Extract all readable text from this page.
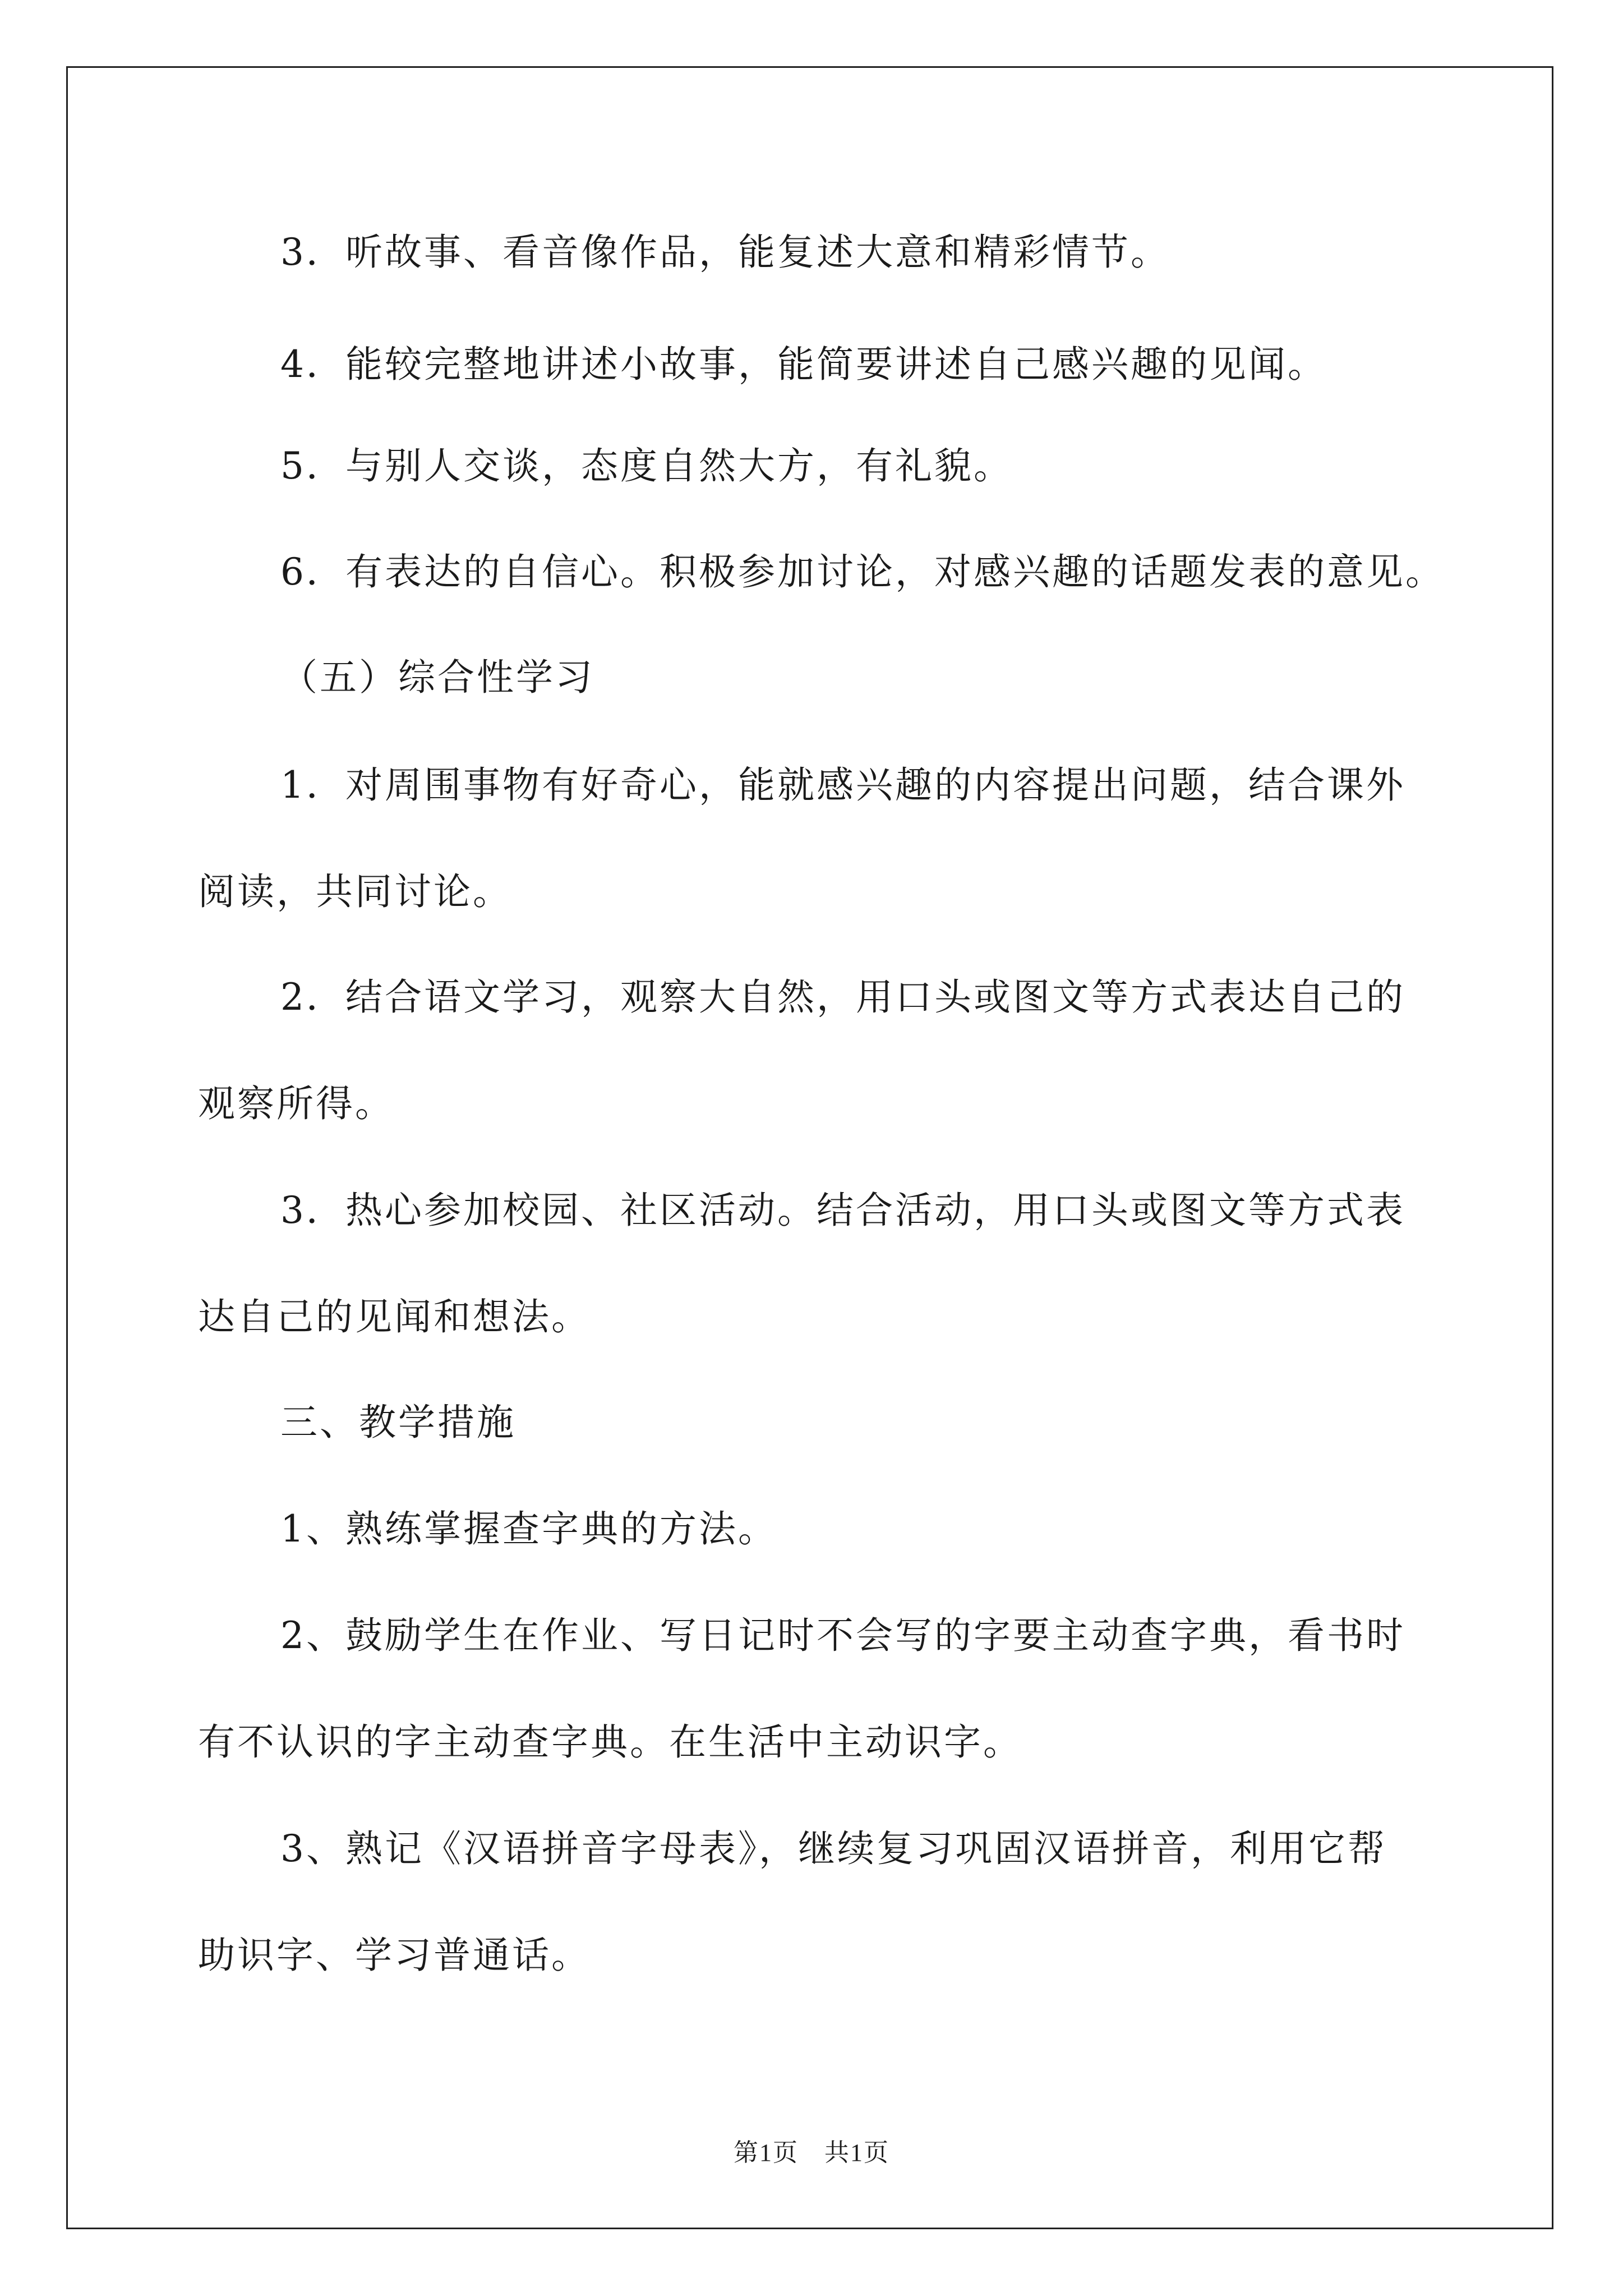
3．听故事、看音像作品，能复述大意和精彩情节。
4．能较完整地讲述小故事，能简要讲述自己感兴趣的见闻。
5．与别人交谈，态度自然大方，有礼貌。
6．有表达的自信心。积极参加讨论，对感兴趣的话题发表的意见。
（五）综合性学习
1．对周围事物有好奇心，能就感兴趣的内容提出问题，结合课外
阅读，共同讨论。
2．结合语文学习，观察大自然，用口头或图文等方式表达自己的
观察所得。
3．热心参加校园、社区活动。结合活动，用口头或图文等方式表
达自己的见闻和想法。
三、教学措施
1、熟练掌握查字典的方法。
2、鼓励学生在作业、写日记时不会写的字要主动查字典，看书时
有不认识的字主动查字典。在生活中主动识字。
3、熟记《汉语拼音字母表》，继续复习巩固汉语拼音，利用它帮
助识字、学习普通话。
第1页　共1页
